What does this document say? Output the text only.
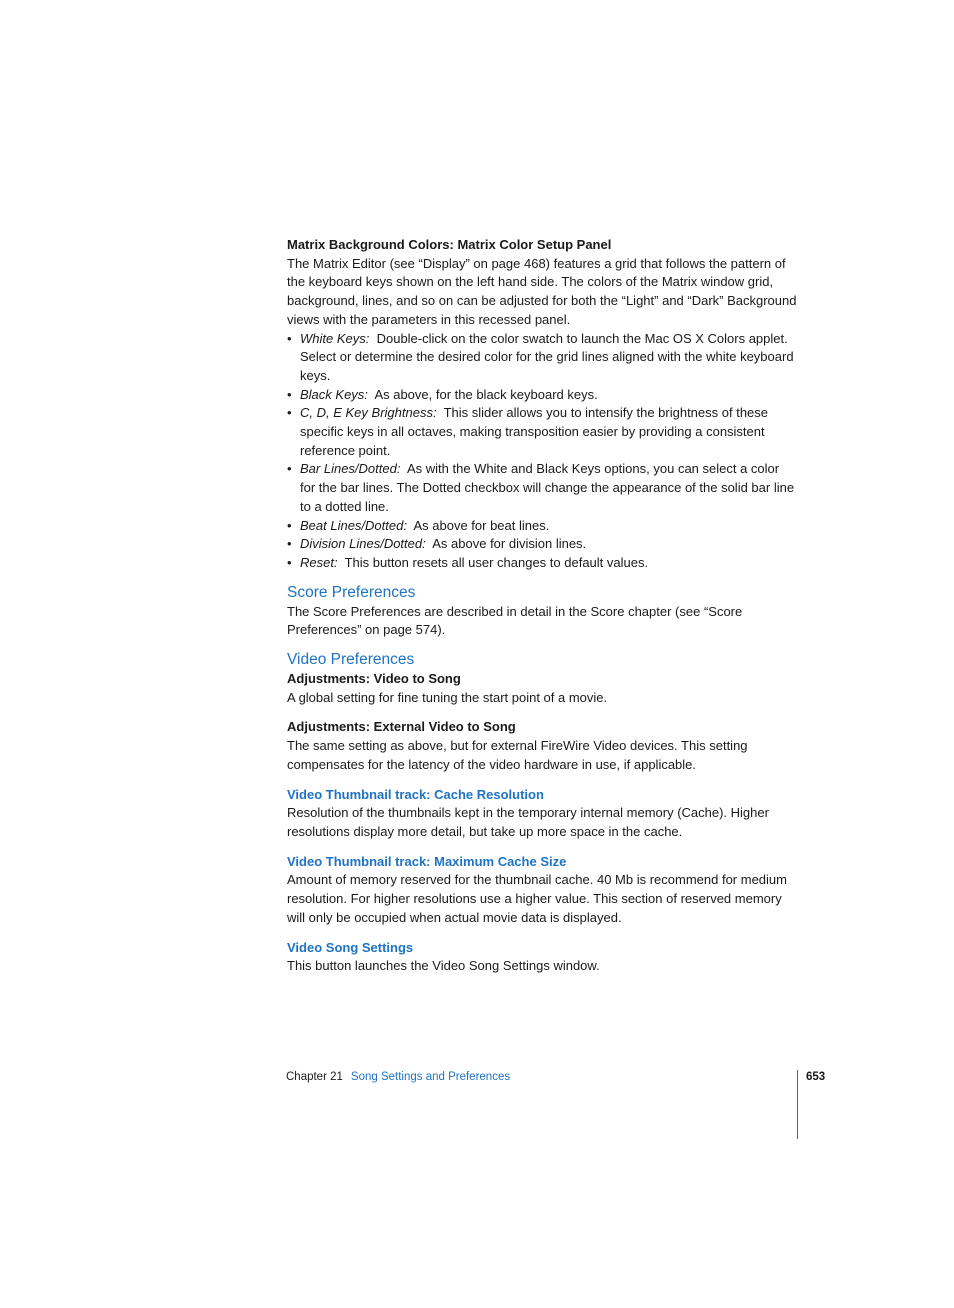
Matrix Background Colors: Matrix Color Setup Panel

The Matrix Editor (see “Display” on page 468) features a grid that follows the pattern of the keyboard keys shown on the left hand side. The colors of the Matrix window grid, background, lines, and so on can be adjusted for both the “Light” and “Dark” Background views with the parameters in this recessed panel.

• White Keys: Double-click on the color swatch to launch the Mac OS X Colors applet. Select or determine the desired color for the grid lines aligned with the white keyboard keys.
• Black Keys: As above, for the black keyboard keys.
• C, D, E Key Brightness: This slider allows you to intensify the brightness of these specific keys in all octaves, making transposition easier by providing a consistent reference point.
• Bar Lines/Dotted: As with the White and Black Keys options, you can select a color for the bar lines. The Dotted checkbox will change the appearance of the solid bar line to a dotted line.
• Beat Lines/Dotted: As above for beat lines.
• Division Lines/Dotted: As above for division lines.
• Reset: This button resets all user changes to default values.
Score Preferences

The Score Preferences are described in detail in the Score chapter (see “Score Preferences” on page 574).

Video Preferences

Adjustments: Video to Song

A global setting for fine tuning the start point of a movie.

Adjustments: External Video to Song

The same setting as above, but for external FireWire Video devices. This setting compensates for the latency of the video hardware in use, if applicable.

Video Thumbnail track: Cache Resolution

Resolution of the thumbnails kept in the temporary internal memory (Cache). Higher resolutions display more detail, but take up more space in the cache.

Video Thumbnail track: Maximum Cache Size

Amount of memory reserved for the thumbnail cache. 40 Mb is recommend for medium resolution. For higher resolutions use a higher value. This section of reserved memory will only be occupied when actual movie data is displayed.

Video Song Settings

This button launches the Video Song Settings window.

Chapter 21 Song Settings and Preferences	653
